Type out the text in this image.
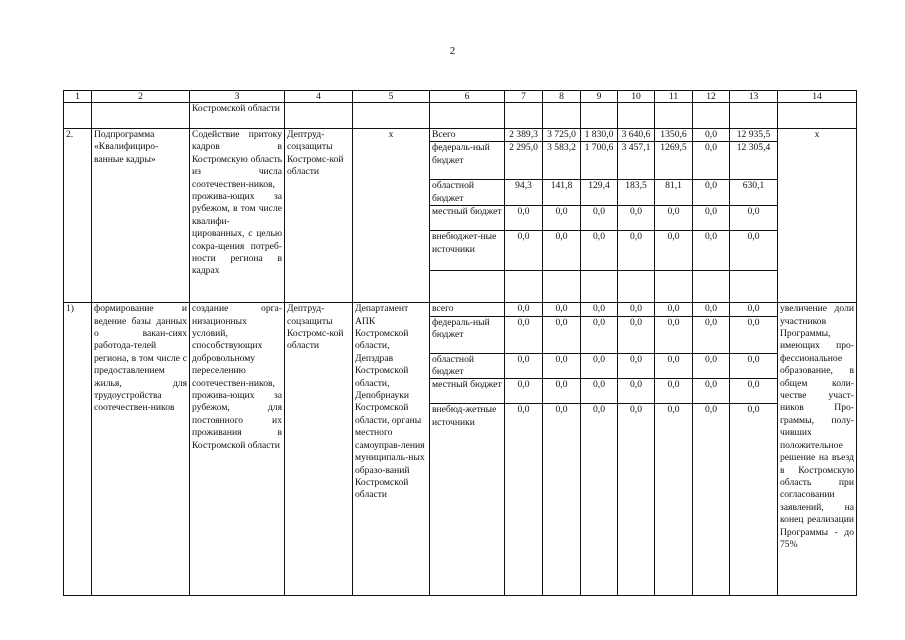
2
1	2	3	4	5	6	7	8	9	10	11	12	13	14
		Костромской области											
2.	Подпрограмма «Квалифициро-ванные кадры»	Содействие притоку кадров в Костромскую область из числа соотечествен-ников, прожива-ющих за рубежом, в том числе квалифи-цированных, с целью сокра-щения потреб-ности региона в кадрах	Дептруд-соцзащиты Костромс-кой области	х	Всего	2 389,3	3 725,0	1 830,0	3 640,6	1350,6	0,0	12 935,5	х
					федераль-ный бюджет	2 295,0	3 583,2	1 700,6	3 457,1	1269,5	0,0	12 305,4	
					областной бюджет	94,3	141,8	129,4	183,5	81,1	0,0	630,1	
					местный бюджет	0,0	0,0	0,0	0,0	0,0	0,0	0,0	
					внебюджет-ные источники	0,0	0,0	0,0	0,0	0,0	0,0	0,0	

1)	формирование и ведение базы данных о вакан-сиях работода-телей региона, в том числе с предоставлением жилья, для трудоустройства соотечествен-ников	создание орга-низационных условий, способствующих добровольному переселению соотечествен-ников, прожива-ющих за рубежом, для постоянного их проживания в Костромской области	Дептруд-соцзащиты Костромс-кой области	Департамент АПК Костромской области, Депздрав Костромской области, Депобрнауки Костромской области, органы местного самоуправ-ления муниципаль-ных образо-ваний Костромской области	всего	0,0	0,0	0,0	0,0	0,0	0,0	0,0	увеличение доли участников Программы, имеющих про-фессиональное образование, в общем коли-честве участ-ников Про-граммы, полу-чивших положительное решение на въезд в Костромскую область при согласовании заявлений, на конец реализации Программы - до 75%
					федераль-ный бюджет	0,0	0,0	0,0	0,0	0,0	0,0	0,0	
					областной бюджет	0,0	0,0	0,0	0,0	0,0	0,0	0,0	
					местный бюджет	0,0	0,0	0,0	0,0	0,0	0,0	0,0	
					внебюд-жетные источники	0,0	0,0	0,0	0,0	0,0	0,0	0,0	
